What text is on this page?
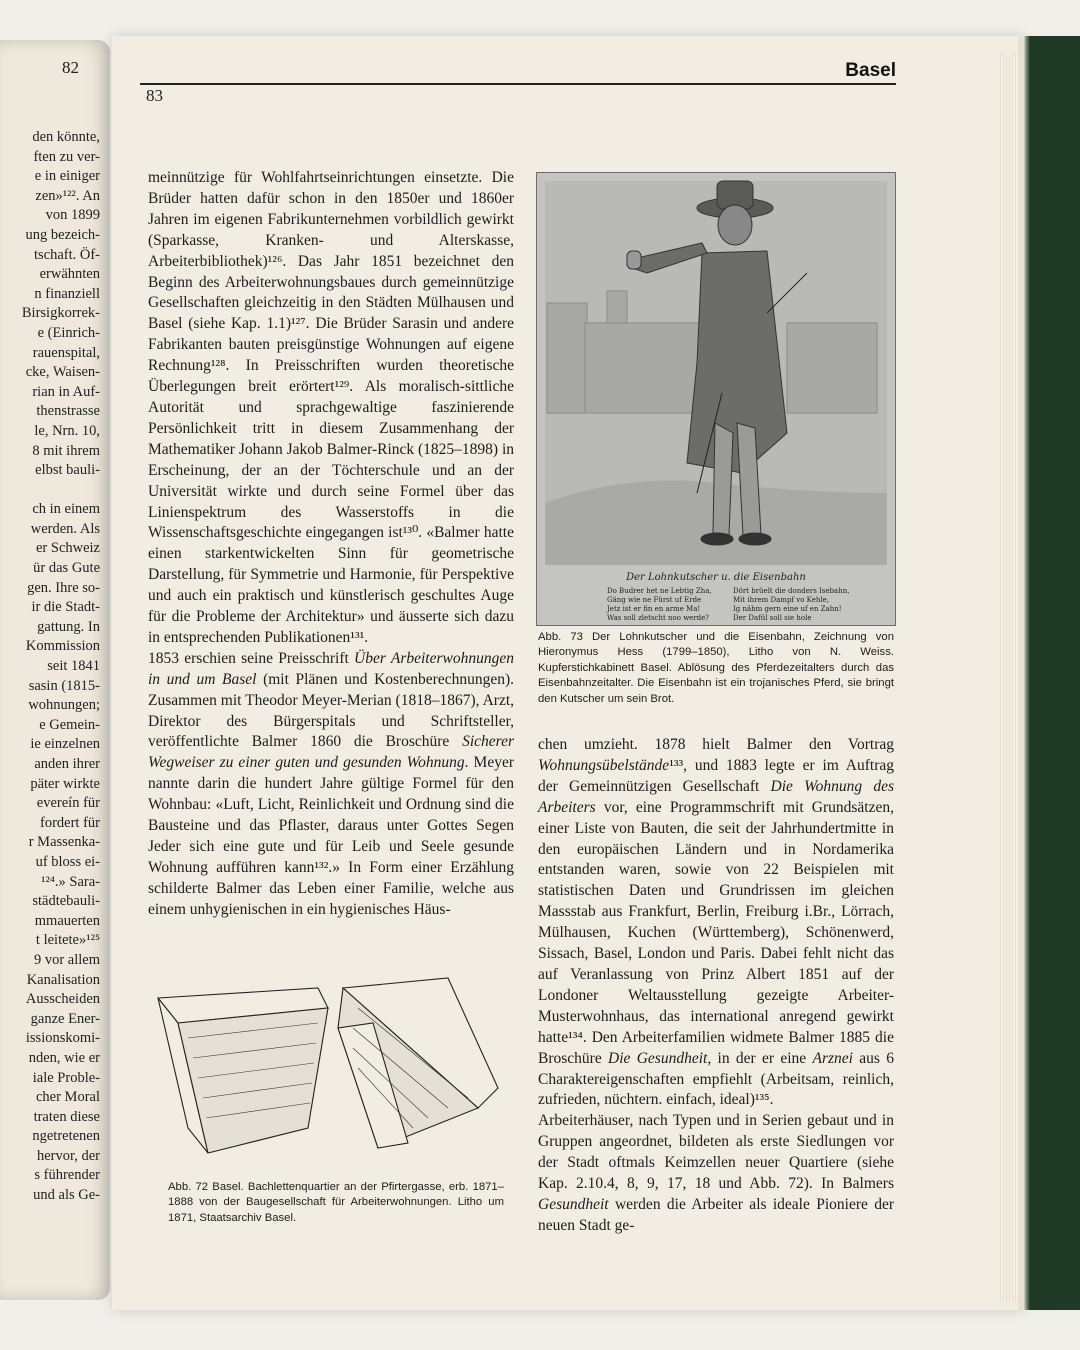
82
den könnte,
ften zu ver-
e in einiger
zen»¹²². An
von 1899
ung bezeich-
tschaft. Öf-
erwähnten
n finanziell
Birsigkorrek-
e (Einrich-
rauenspital,
cke, Waisen-
rian in Auf-
thenstrasse
le, Nrn. 10,
8 mit ihrem
elbst bauli-

ch in einem
werden. Als
er Schweiz
ür das Gute
gen. Ihre so-
ir die Stadt-
gattung. In
Kommission
seit 1841
sasin (1815-
wohnungen;
e Gemein-
ie einzelnen
anden ihrer
päter wirkte
evereín für
fordert für
r Massenka-
uf bloss ei-
¹²⁴.» Sara-
städtebauli-
mmauerten
t leitete»¹²⁵
9 vor allem
Kanalisation
Ausscheiden
ganze Ener-
issionskomi-
nden, wie er
iale Proble-
cher Moral
traten diese
ngetretenen
hervor, der
s führender
und als Ge-
Basel
83

meinnützige für Wohlfahrtseinrichtungen einsetzte. Die Brüder hatten dafür schon in den 1850er und 1860er Jahren im eigenen Fabrikunternehmen vorbildlich gewirkt (Sparkasse, Kranken- und Alterskasse, Arbeiterbibliothek)¹²⁶. Das Jahr 1851 bezeichnet den Beginn des Arbeiterwohnungsbaues durch gemeinnützige Gesellschaften gleichzeitig in den Städten Mülhausen und Basel (siehe Kap. 1.1)¹²⁷. Die Brüder Sarasin und andere Fabrikanten bauten preisgünstige Wohnungen auf eigene Rechnung¹²⁸. In Preisschriften wurden theoretische Überlegungen breit erörtert¹²⁹. Als moralisch-sittliche Autorität und sprachgewaltige faszinierende Persönlichkeit tritt in diesem Zusammenhang der Mathematiker Johann Jakob Balmer-Rinck (1825–1898) in Erscheinung, der an der Töchterschule und an der Universität wirkte und durch seine Formel über das Linienspektrum des Wasserstoffs in die Wissenschaftsgeschichte eingegangen ist¹³⁰. «Balmer hatte einen starkentwickelten Sinn für geometrische Darstellung, für Symmetrie und Harmonie, für Perspektive und auch ein praktisch und künstlerisch geschultes Auge für die Probleme der Architektur» und äusserte sich dazu in entsprechenden Publikationen¹³¹.

1853 erschien seine Preisschrift Über Arbeiterwohnungen in und um Basel (mit Plänen und Kostenberechnungen). Zusammen mit Theodor Meyer-Merian (1818–1867), Arzt, Direktor des Bürgerspitals und Schriftsteller, veröffentlichte Balmer 1860 die Broschüre Sicherer Wegweiser zu einer guten und gesunden Wohnung. Meyer nannte darin die hundert Jahre gültige Formel für den Wohnbau: «Luft, Licht, Reinlichkeit und Ordnung sind die Bausteine und das Pflaster, daraus unter Gottes Segen Jeder sich eine gute und für Leib und Seele gesunde Wohnung aufführen kann¹³².» In Form einer Erzählung schilderte Balmer das Leben einer Familie, welche aus einem unhygienischen in ein hygienisches Häus-

Der Lohnkutscher u. die Eisenbahn
Do Budrer het ne Lebtig Zha,
Gäng wie ne Fürst uf Erde
Jetz ist er fin en arme Ma!
Was soll zletscht noo werde?
Dört brüelt die donders Isebahn,
Mit ihrem Dampf vo Kehle,
Ig nähm gern eine uf en Zahn!
Der Dafül soll sie hole
Abb. 73 Der Lohnkutscher und die Eisenbahn, Zeichnung von Hieronymus Hess (1799–1850), Litho von N. Weiss. Kupferstichkabinett Basel. Ablösung des Pferdezeitalters durch das Eisenbahnzeitalter. Die Eisenbahn ist ein trojanisches Pferd, sie bringt den Kutscher um sein Brot.

chen umzieht. 1878 hielt Balmer den Vortrag Wohnungsübelstände¹³³, und 1883 legte er im Auftrag der Gemeinnützigen Gesellschaft Die Wohnung des Arbeiters vor, eine Programmschrift mit Grundsätzen, einer Liste von Bauten, die seit der Jahrhundertmitte in den europäischen Ländern und in Nordamerika entstanden waren, sowie von 22 Beispielen mit statistischen Daten und Grundrissen im gleichen Massstab aus Frankfurt, Berlin, Freiburg i.Br., Lörrach, Mülhausen, Kuchen (Württemberg), Schönenwerd, Sissach, Basel, London und Paris. Dabei fehlt nicht das auf Veranlassung von Prinz Albert 1851 auf der Londoner Weltausstellung gezeigte Arbeiter-Musterwohnhaus, das international anregend gewirkt hatte¹³⁴. Den Arbeiterfamilien widmete Balmer 1885 die Broschüre Die Gesundheit, in der er eine Arznei aus 6 Charaktereigenschaften empfiehlt (Arbeitsam, reinlich, zufrieden, nüchtern. einfach, ideal)¹³⁵.

Arbeiterhäuser, nach Typen und in Serien gebaut und in Gruppen angeordnet, bildeten als erste Siedlungen vor der Stadt oftmals Keimzellen neuer Quartiere (siehe Kap. 2.10.4, 8, 9, 17, 18 und Abb. 72). In Balmers Gesundheit werden die Arbeiter als ideale Pioniere der neuen Stadt ge-

Abb. 72 Basel. Bachlettenquartier an der Pfirtergasse, erb. 1871–1888 von der Baugesellschaft für Arbeiterwohnungen. Litho um 1871, Staatsarchiv Basel.
